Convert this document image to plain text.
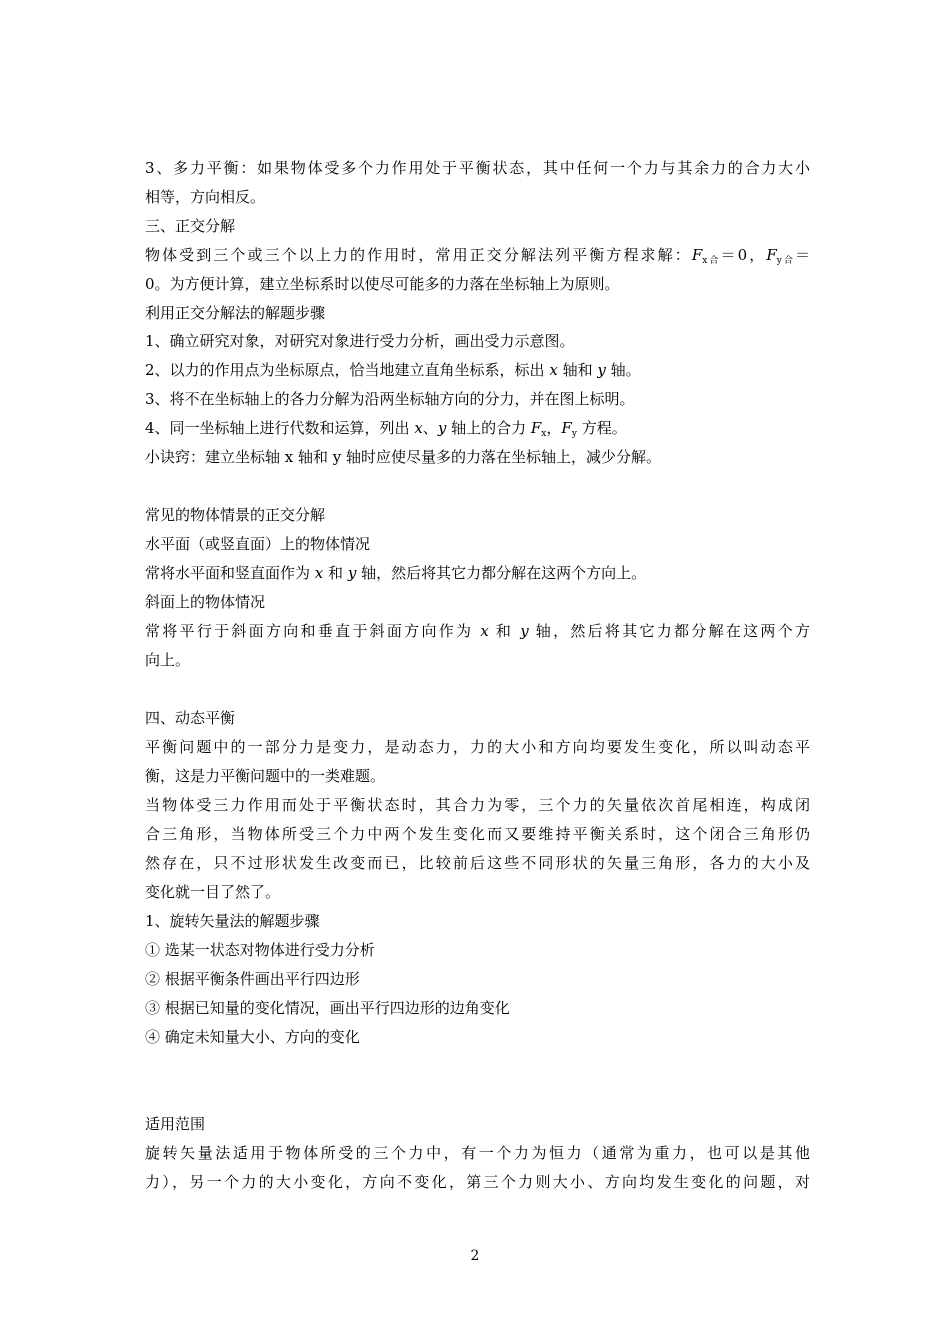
3、多力平衡：如果物体受多个力作用处于平衡状态，其中任何一个力与其余力的合力大小
相等，方向相反。
三、正交分解
物体受到三个或三个以上力的作用时，常用正交分解法列平衡方程求解：$F_{x合}=0$，$F_{y合}=$
0。为方便计算，建立坐标系时以使尽可能多的力落在坐标轴上为原则。
利用正交分解法的解题步骤
1、确立研究对象，对研究对象进行受力分析，画出受力示意图。
2、以力的作用点为坐标原点，恰当地建立直角坐标系，标出 x 轴和 y 轴。
3、将不在坐标轴上的各力分解为沿两坐标轴方向的分力，并在图上标明。
4、同一坐标轴上进行代数和运算，列出 x、y 轴上的合力 $F_x$，$F_y$ 方程。
小诀窍：建立坐标轴 x 轴和 y 轴时应使尽量多的力落在坐标轴上，减少分解。
常见的物体情景的正交分解
水平面（或竖直面）上的物体情况
常将水平面和竖直面作为 x 和 y 轴，然后将其它力都分解在这两个方向上。
斜面上的物体情况
常将平行于斜面方向和垂直于斜面方向作为 x 和 y 轴，然后将其它力都分解在这两个方
向上。
四、动态平衡
平衡问题中的一部分力是变力，是动态力，力的大小和方向均要发生变化，所以叫动态平
衡，这是力平衡问题中的一类难题。
当物体受三力作用而处于平衡状态时，其合力为零，三个力的矢量依次首尾相连，构成闭
合三角形，当物体所受三个力中两个发生变化而又要维持平衡关系时，这个闭合三角形仍
然存在，只不过形状发生改变而已，比较前后这些不同形状的矢量三角形，各力的大小及
变化就一目了然了。
1、旋转矢量法的解题步骤
① 选某一状态对物体进行受力分析
② 根据平衡条件画出平行四边形
③ 根据已知量的变化情况，画出平行四边形的边角变化
④ 确定未知量大小、方向的变化
适用范围
旋转矢量法适用于物体所受的三个力中，有一个力为恒力（通常为重力，也可以是其他
力），另一个力的大小变化，方向不变化，第三个力则大小、方向均发生变化的问题，对
2
